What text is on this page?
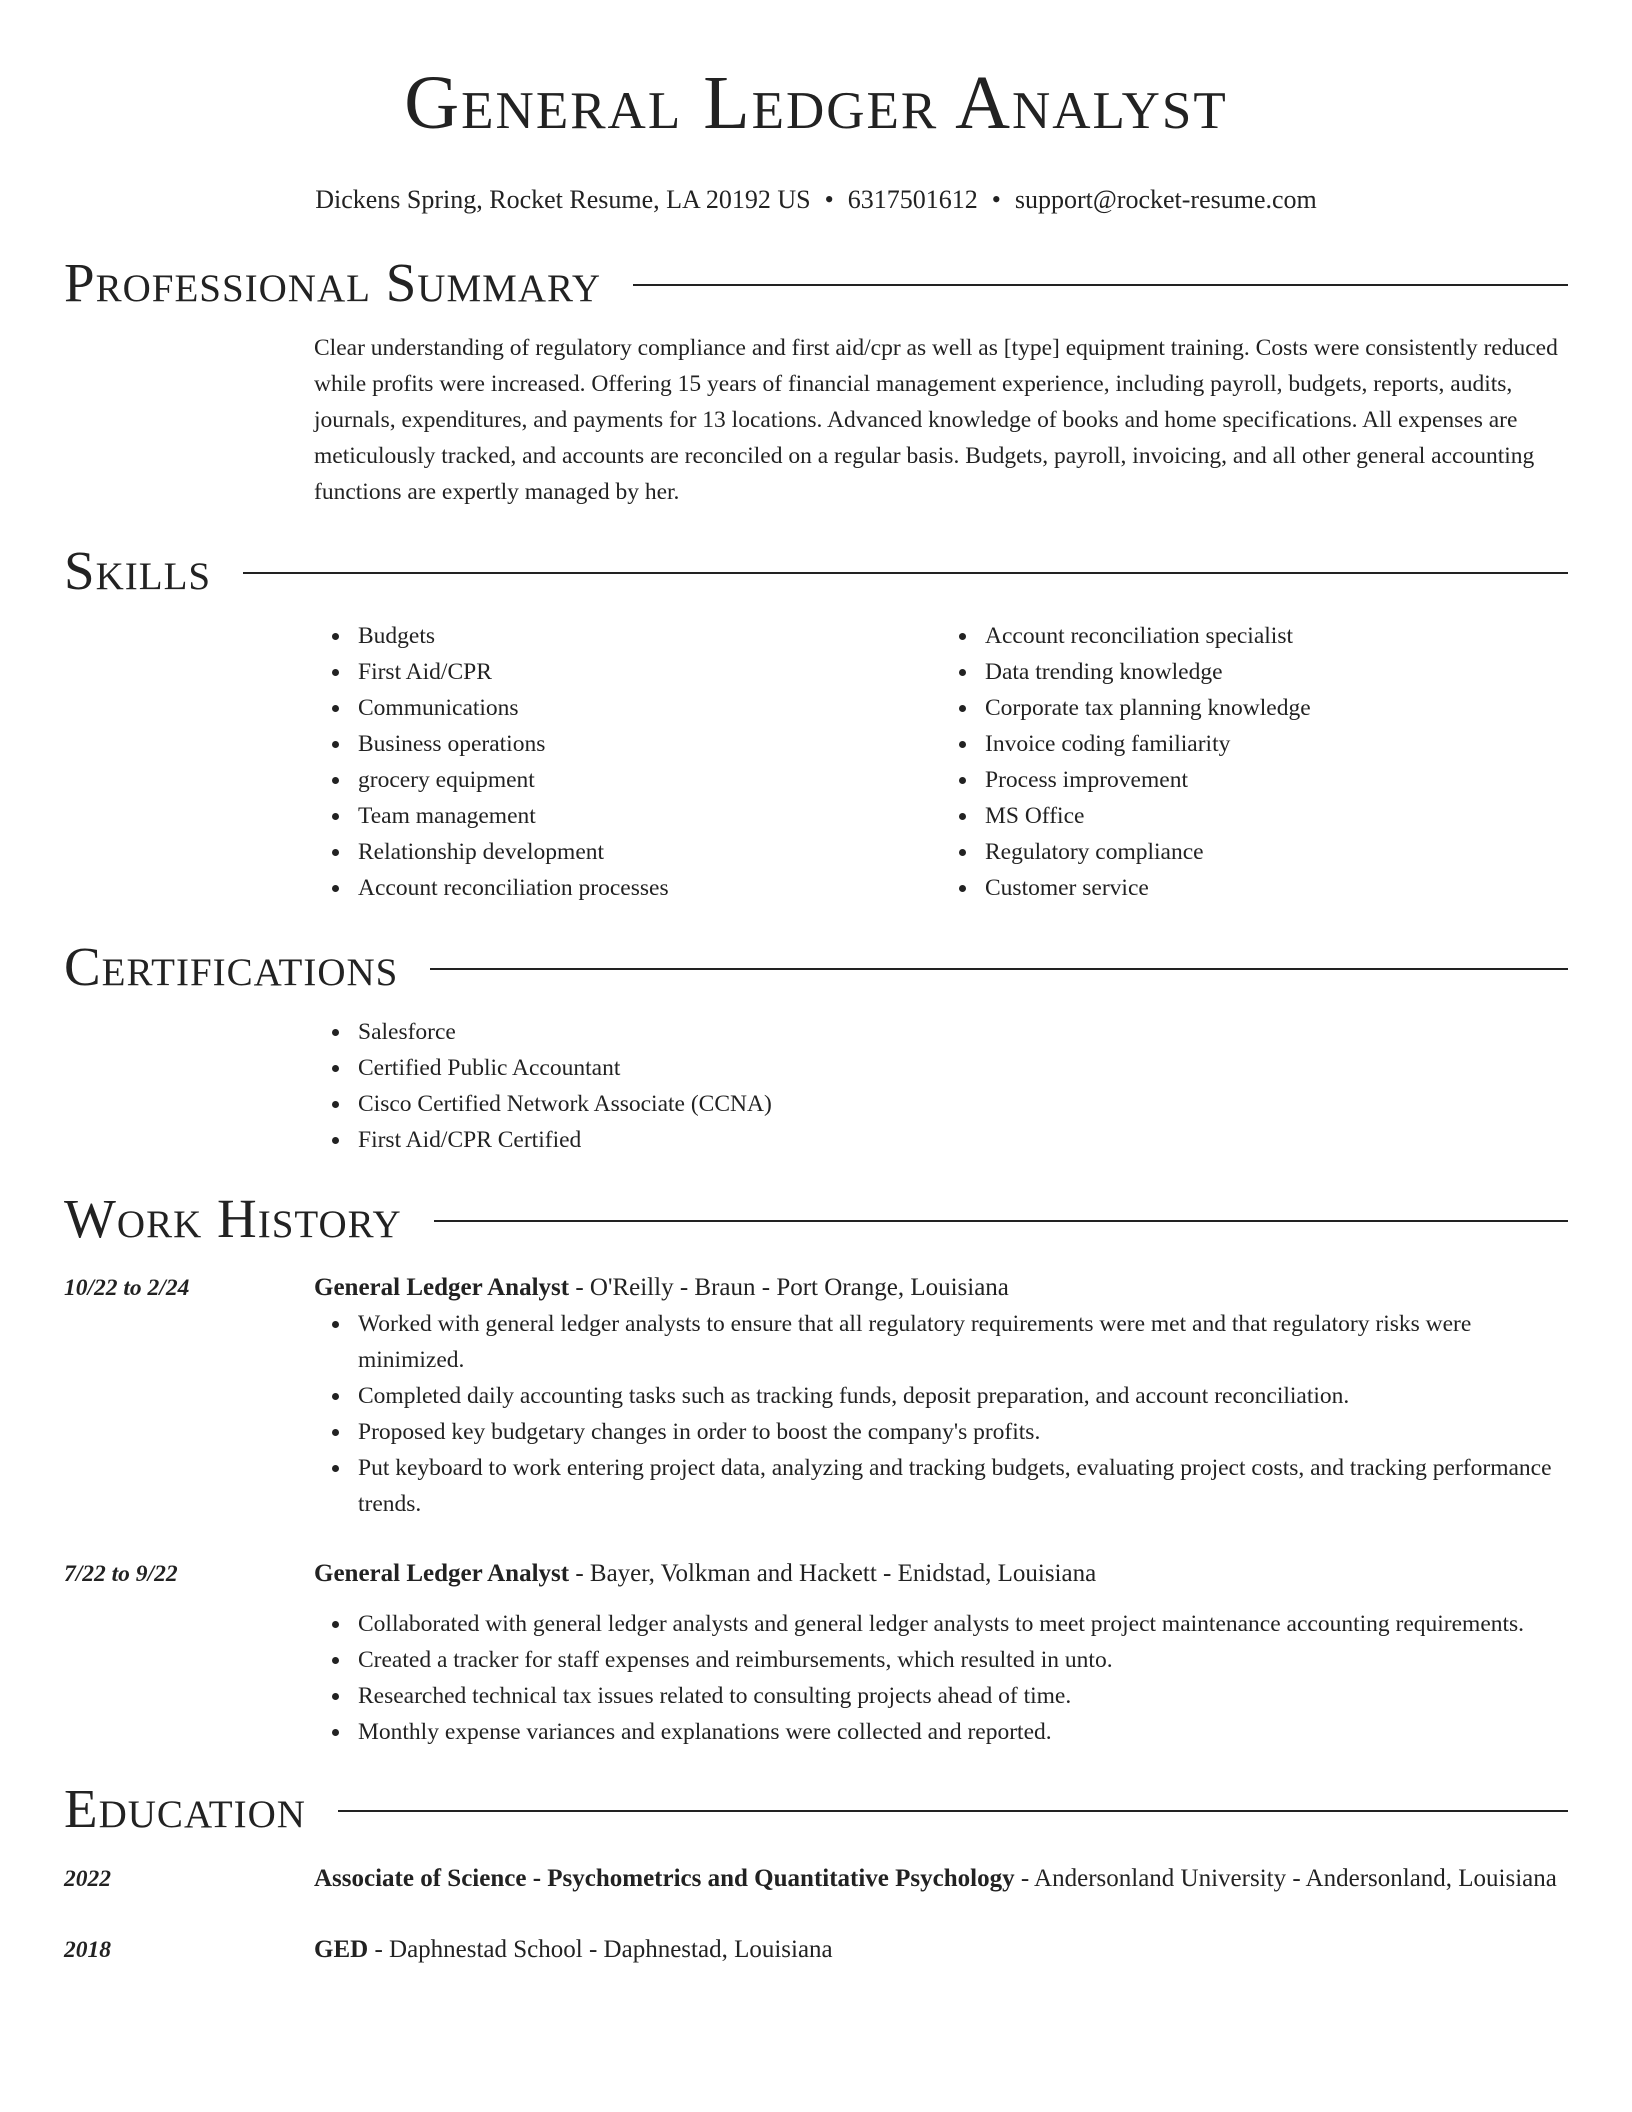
General Ledger Analyst
Dickens Spring, Rocket Resume, LA 20192 US • 6317501612 • support@rocket-resume.com
Professional Summary
Clear understanding of regulatory compliance and first aid/cpr as well as [type] equipment training. Costs were consistently reduced while profits were increased. Offering 15 years of financial management experience, including payroll, budgets, reports, audits, journals, expenditures, and payments for 13 locations. Advanced knowledge of books and home specifications. All expenses are meticulously tracked, and accounts are reconciled on a regular basis. Budgets, payroll, invoicing, and all other general accounting functions are expertly managed by her.
Skills
Budgets
First Aid/CPR
Communications
Business operations
grocery equipment
Team management
Relationship development
Account reconciliation processes
Account reconciliation specialist
Data trending knowledge
Corporate tax planning knowledge
Invoice coding familiarity
Process improvement
MS Office
Regulatory compliance
Customer service
Certifications
Salesforce
Certified Public Accountant
Cisco Certified Network Associate (CCNA)
First Aid/CPR Certified
Work History
10/22 to 2/24	General Ledger Analyst - O'Reilly - Braun - Port Orange, Louisiana
Worked with general ledger analysts to ensure that all regulatory requirements were met and that regulatory risks were minimized.
Completed daily accounting tasks such as tracking funds, deposit preparation, and account reconciliation.
Proposed key budgetary changes in order to boost the company's profits.
Put keyboard to work entering project data, analyzing and tracking budgets, evaluating project costs, and tracking performance trends.
7/22 to 9/22	General Ledger Analyst - Bayer, Volkman and Hackett - Enidstad, Louisiana
Collaborated with general ledger analysts and general ledger analysts to meet project maintenance accounting requirements.
Created a tracker for staff expenses and reimbursements, which resulted in unto.
Researched technical tax issues related to consulting projects ahead of time.
Monthly expense variances and explanations were collected and reported.
Education
2022	Associate of Science - Psychometrics and Quantitative Psychology - Andersonland University - Andersonland, Louisiana
2018	GED - Daphnestad School - Daphnestad, Louisiana
